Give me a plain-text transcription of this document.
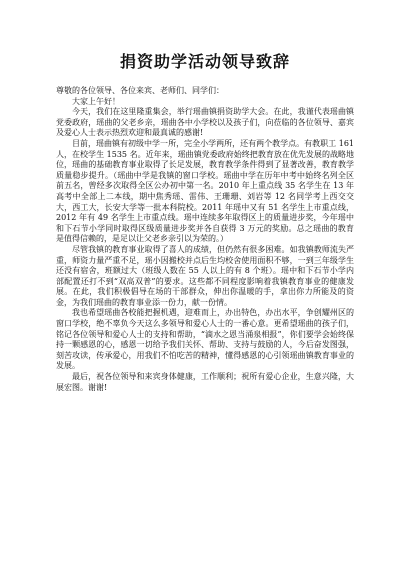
捐资助学活动领导致辞

尊敬的各位领导、各位来宾、老师们、同学们：

大家上午好！

今天，我们在这里隆重集会，举行瑶曲镇捐资助学大会。在此，我谨代表瑶曲镇党委政府，瑶曲的父老乡亲，瑶曲各中小学校以及孩子们，向莅临的各位领导、嘉宾及爱心人士表示热烈欢迎和最真诚的感谢!

目前，瑶曲镇有初级中学一所，完全小学两所，还有两个教学点。有教职工 161 人，在校学生 1535 名。近年来，瑶曲镇党委政府始终把教育放在优先发展的战略地位，瑶曲的基础教育事业取得了长足发展，教育教学条件得到了显著改善，教育教学质量稳步提升。（瑶曲中学是我镇的窗口学校。瑶曲中学在历年中考中始终名列全区前五名，曾经多次取得全区公办初中第一名。2010 年上重点线 35 名学生在 13 年高考中全部上二本线，期中焦秀瑶、雷伟、王珊珊、刘岩等 12 名同学考上西交交大，西工大，长安大学等一批本科院校。2011 年瑶中又有 51 名学生上市重点线，2012 年有 49 名学生上市重点线。瑶中连续多年取得区上的质量进步奖，今年瑶中和下石节小学同时取得区级质量进步奖并各自获得 3 万元的奖励。总之瑶曲的教育是值得信赖的，是足以让父老乡亲引以为荣的。）

尽管我镇的教育事业取得了喜人的成绩，但仍然有很多困难。如我镇教师流失严重，师资力量严重不足，瑶小因搬校并点后生均校舍使用面积不够，一到三年级学生还没有宿舍，班额过大（班级人数在 55 人以上的有 8 个班）。瑶中和下石节小学内部配置还打不到“双高双普”的要求。这些都不同程度影响着我镇教育事业的健康发展。在此，我们积极倡导在场的干部群众，伸出你温暖的手，拿出你力所能及的资金，为我们瑶曲的教育事业添一份力，献一份情。

我也希望瑶曲各校能把握机遇，迎难而上，办出特色，办出水平，争创耀州区的窗口学校，绝不辜负今天这么多领导和爱心人士的一番心意。更希望瑶曲的孩子们，铭记各位领导和爱心人士的支持和帮助，“滴水之恩当涌泉相报”，你们要学会始终保持一颗感恩的心，感恩一切给予我们关怀、帮助、支持与鼓励的人，今后奋发图强，刻苦攻读，传承爱心，用我们不怕吃苦的精神，懂得感恩的心引领瑶曲镇教育事业的发展。

最后，祝各位领导和来宾身体健康，工作顺利；祝所有爱心企业，生意兴隆，大展宏图。谢谢!
